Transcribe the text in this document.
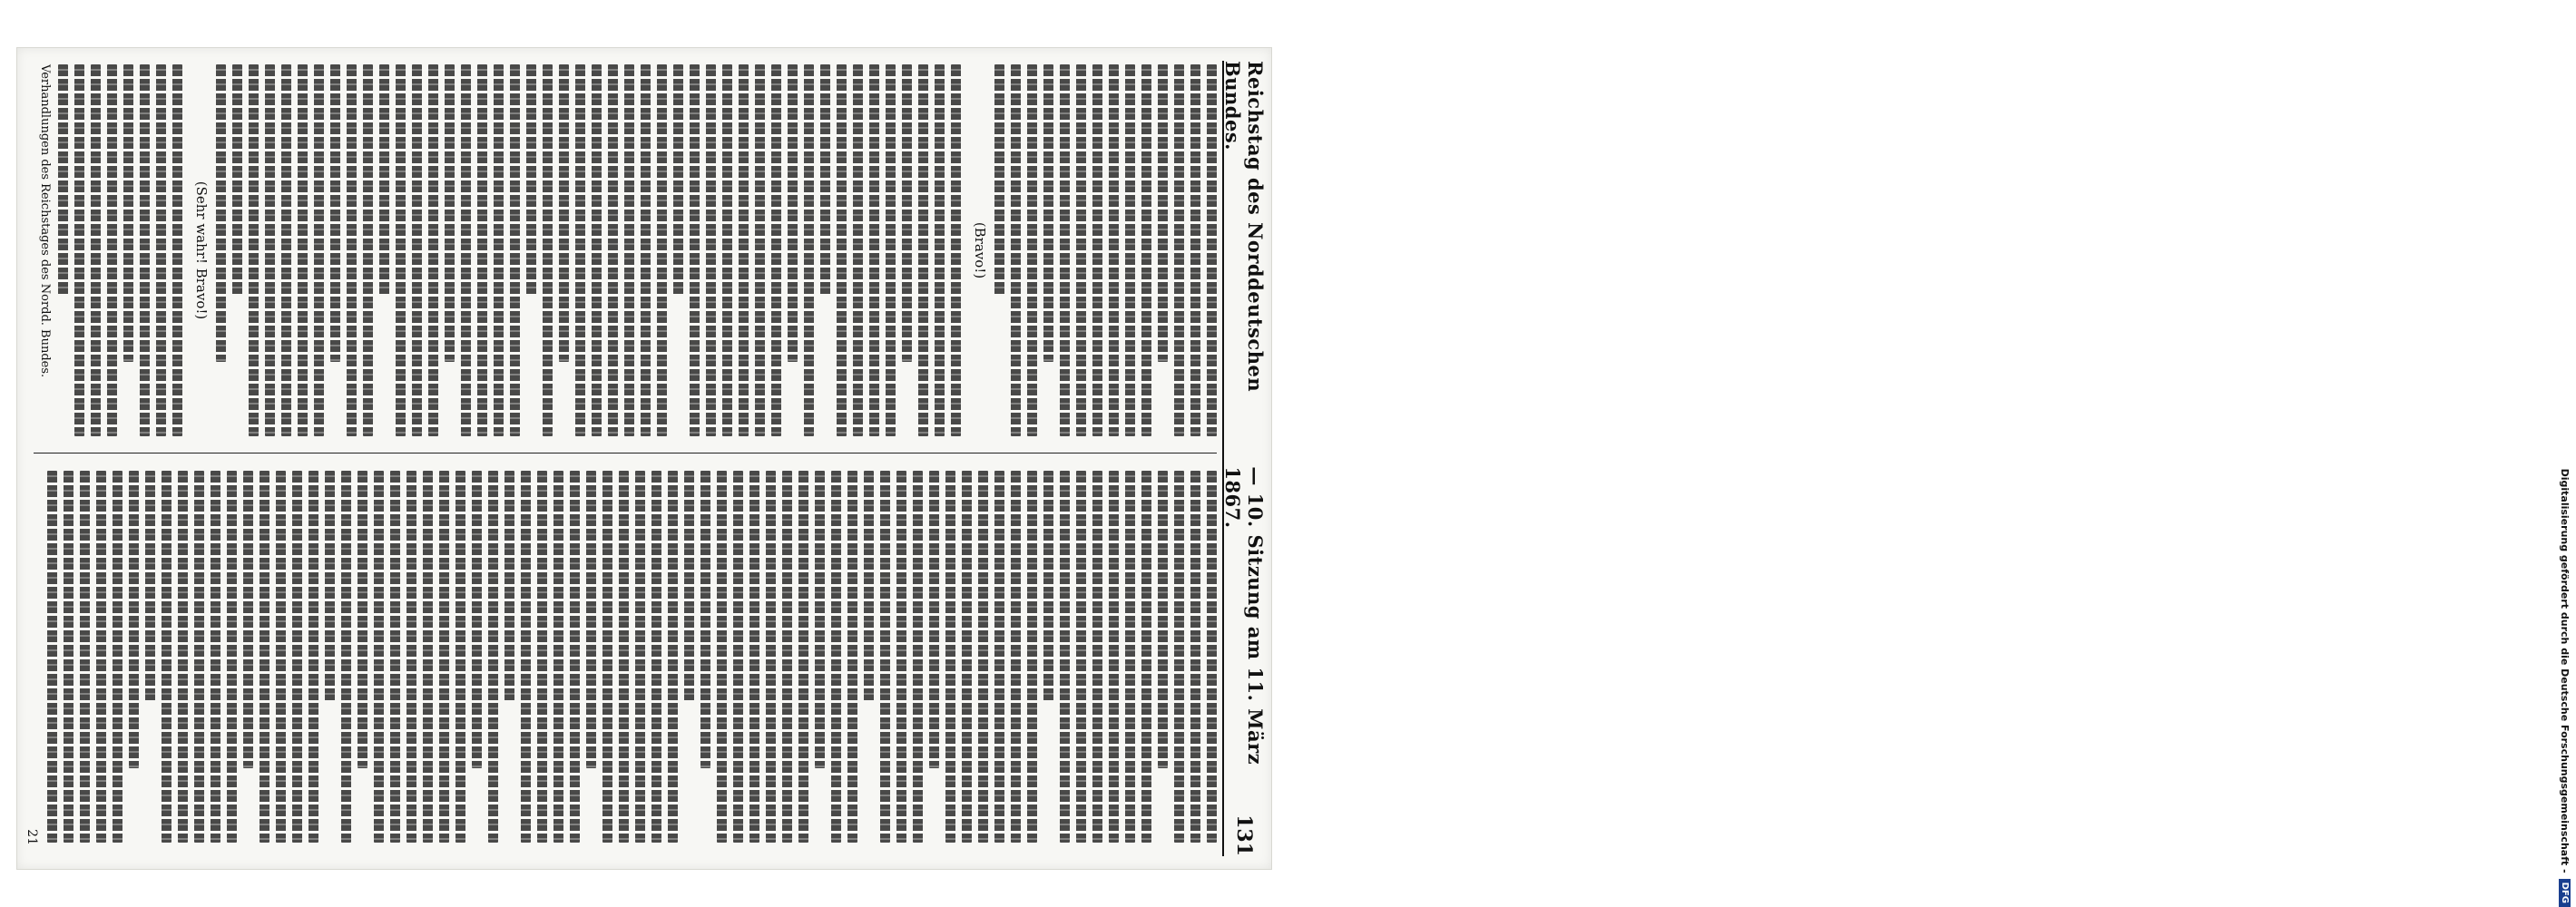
Reichstag des Norddeutschen Bundes.
— 10. Sitzung am 11. März 1867.
131
(Bravo!)
(Sehr wahr! Bravo!)
Verhandlungen des Reichstages des Nordd. Bundes.
21	Digitalisierung gefördert durch die Deutsche Forschungsgemeinschaft -
DFG
